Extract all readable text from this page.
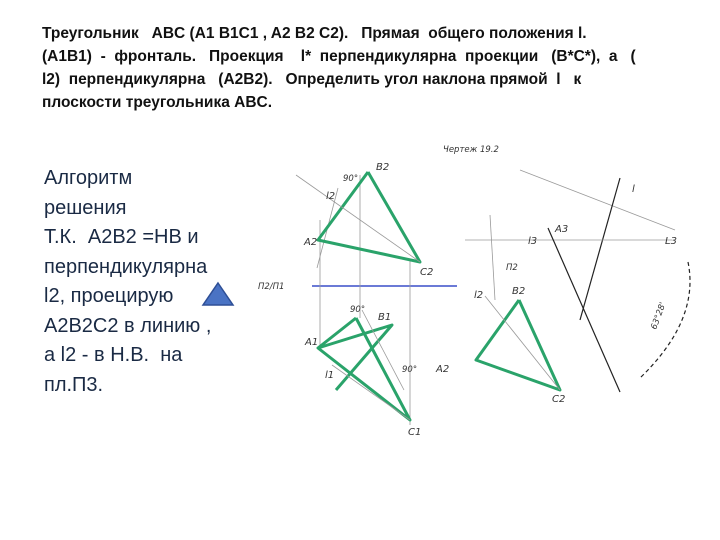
Треугольник   ABC (A1 B1C1 , A2 B2 C2).   Прямая  общего положения l.
(A1B1)  -  фронталь.   Проекция    l*  перпендикулярна  проекции   (B*C*),  а   (
l2)  перпендикулярна   (A2B2).   Определить угол наклона прямой  l   к
плоскости треугольника ABC.
Алгоритм
решения
Т.К.  А2В2 =НВ и
перпендикулярна
l2, проецирую
А2В2С2 в линию ,
а l2 - в Н.В.  на
пл.П3.
Чертеж 19.2
П2/П1
B2
l2
A2
C2
90°
B1
A1
l1
C1
90°
90°
l
A3
l3	L3
П2
l2	B2
A2
C2
63°28'
